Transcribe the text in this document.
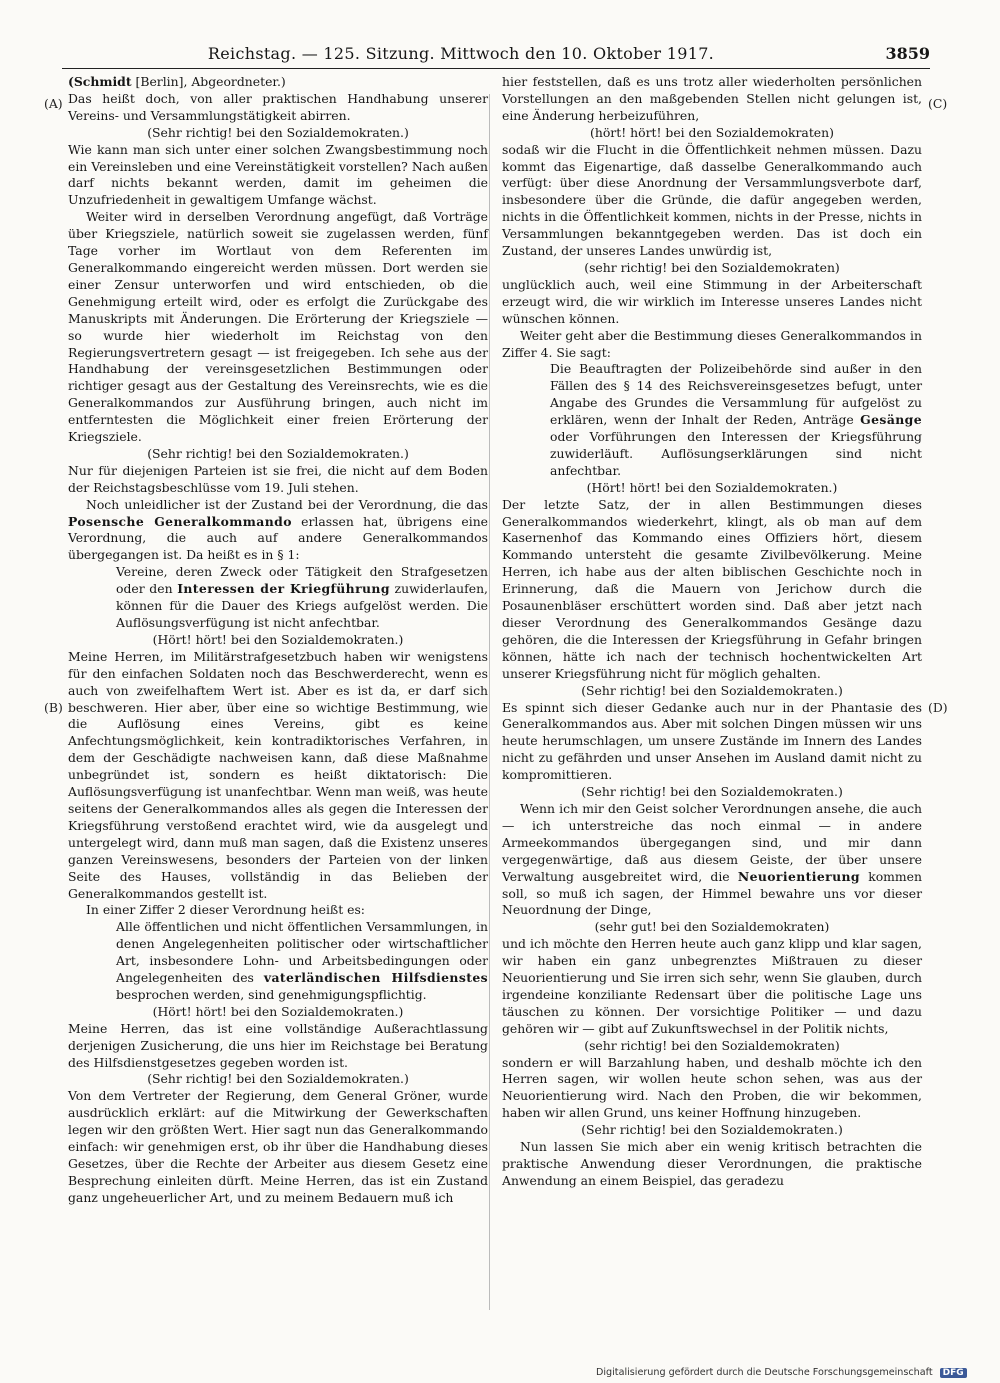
Reichstag. — 125. Sitzung. Mittwoch den 10. Oktober 1917.	3859
(A)
(B)
(C)
(D)

(Schmidt [Berlin], Abgeordneter.)

Das heißt doch, von aller praktischen Handhabung unserer Vereins- und Versammlungstätigkeit abirren.

(Sehr richtig! bei den Sozialdemokraten.)

Wie kann man sich unter einer solchen Zwangsbestimmung noch ein Vereinsleben und eine Vereinstätigkeit vorstellen? Nach außen darf nichts bekannt werden, damit im geheimen die Unzufriedenheit in gewaltigem Umfange wächst.

Weiter wird in derselben Verordnung angefügt, daß Vorträge über Kriegsziele, natürlich soweit sie zugelassen werden, fünf Tage vorher im Wortlaut von dem Referenten im Generalkommando eingereicht werden müssen. Dort werden sie einer Zensur unterworfen und wird entschieden, ob die Genehmigung erteilt wird, oder es erfolgt die Zurückgabe des Manuskripts mit Änderungen. Die Erörterung der Kriegsziele — so wurde hier wiederholt im Reichstag von den Regierungsvertretern gesagt — ist freigegeben. Ich sehe aus der Handhabung der vereinsgesetzlichen Bestimmungen oder richtiger gesagt aus der Gestaltung des Vereinsrechts, wie es die Generalkommandos zur Ausführung bringen, auch nicht im entferntesten die Möglichkeit einer freien Erörterung der Kriegsziele.

(Sehr richtig! bei den Sozialdemokraten.)

Nur für diejenigen Parteien ist sie frei, die nicht auf dem Boden der Reichstagsbeschlüsse vom 19. Juli stehen.

Noch unleidlicher ist der Zustand bei der Verordnung, die das Posensche Generalkommando erlassen hat, übrigens eine Verordnung, die auch auf andere Generalkommandos übergegangen ist. Da heißt es in § 1:

Vereine, deren Zweck oder Tätigkeit den Strafgesetzen oder den Interessen der Kriegführung zuwiderlaufen, können für die Dauer des Kriegs aufgelöst werden. Die Auflösungsverfügung ist nicht anfechtbar.

(Hört! hört! bei den Sozialdemokraten.)

Meine Herren, im Militärstrafgesetzbuch haben wir wenigstens für den einfachen Soldaten noch das Beschwerderecht, wenn es auch von zweifelhaftem Wert ist. Aber es ist da, er darf sich beschweren. Hier aber, über eine so wichtige Bestimmung, wie die Auflösung eines Vereins, gibt es keine Anfechtungsmöglichkeit, kein kontradiktorisches Verfahren, in dem der Geschädigte nachweisen kann, daß diese Maßnahme unbegründet ist, sondern es heißt diktatorisch: Die Auflösungsverfügung ist unanfechtbar. Wenn man weiß, was heute seitens der Generalkommandos alles als gegen die Interessen der Kriegsführung verstoßend erachtet wird, wie da ausgelegt und untergelegt wird, dann muß man sagen, daß die Existenz unseres ganzen Vereinswesens, besonders der Parteien von der linken Seite des Hauses, vollständig in das Belieben der Generalkommandos gestellt ist.

In einer Ziffer 2 dieser Verordnung heißt es:

Alle öffentlichen und nicht öffentlichen Versammlungen, in denen Angelegenheiten politischer oder wirtschaftlicher Art, insbesondere Lohn- und Arbeitsbedingungen oder Angelegenheiten des vaterländischen Hilfsdienstes besprochen werden, sind genehmigungspflichtig.

(Hört! hört! bei den Sozialdemokraten.)

Meine Herren, das ist eine vollständige Außerachtlassung derjenigen Zusicherung, die uns hier im Reichstage bei Beratung des Hilfsdienstgesetzes gegeben worden ist.

(Sehr richtig! bei den Sozialdemokraten.)

Von dem Vertreter der Regierung, dem General Gröner, wurde ausdrücklich erklärt: auf die Mitwirkung der Gewerkschaften legen wir den größten Wert. Hier sagt nun das Generalkommando einfach: wir genehmigen erst, ob ihr über die Handhabung dieses Gesetzes, über die Rechte der Arbeiter aus diesem Gesetz eine Besprechung einleiten dürft. Meine Herren, das ist ein Zustand ganz ungeheuerlicher Art, und zu meinem Bedauern muß ich

hier feststellen, daß es uns trotz aller wiederholten persönlichen Vorstellungen an den maßgebenden Stellen nicht gelungen ist, eine Änderung herbeizuführen,

(hört! hört! bei den Sozialdemokraten)

sodaß wir die Flucht in die Öffentlichkeit nehmen müssen. Dazu kommt das Eigenartige, daß dasselbe Generalkommando auch verfügt: über diese Anordnung der Versammlungsverbote darf, insbesondere über die Gründe, die dafür angegeben werden, nichts in die Öffentlichkeit kommen, nichts in der Presse, nichts in Versammlungen bekanntgegeben werden. Das ist doch ein Zustand, der unseres Landes unwürdig ist,

(sehr richtig! bei den Sozialdemokraten)

unglücklich auch, weil eine Stimmung in der Arbeiterschaft erzeugt wird, die wir wirklich im Interesse unseres Landes nicht wünschen können.

Weiter geht aber die Bestimmung dieses Generalkommandos in Ziffer 4. Sie sagt:

Die Beauftragten der Polizeibehörde sind außer in den Fällen des § 14 des Reichsvereinsgesetzes befugt, unter Angabe des Grundes die Versammlung für aufgelöst zu erklären, wenn der Inhalt der Reden, Anträge Gesänge oder Vorführungen den Interessen der Kriegsführung zuwiderläuft. Auflösungserklärungen sind nicht anfechtbar.

(Hört! hört! bei den Sozialdemokraten.)

Der letzte Satz, der in allen Bestimmungen dieses Generalkommandos wiederkehrt, klingt, als ob man auf dem Kasernenhof das Kommando eines Offiziers hört, diesem Kommando untersteht die gesamte Zivilbevölkerung. Meine Herren, ich habe aus der alten biblischen Geschichte noch in Erinnerung, daß die Mauern von Jerichow durch die Posaunenbläser erschüttert worden sind. Daß aber jetzt nach dieser Verordnung des Generalkommandos Gesänge dazu gehören, die die Interessen der Kriegsführung in Gefahr bringen können, hätte ich nach der technisch hochentwickelten Art unserer Kriegsführung nicht für möglich gehalten.

(Sehr richtig! bei den Sozialdemokraten.)

Es spinnt sich dieser Gedanke auch nur in der Phantasie des Generalkommandos aus. Aber mit solchen Dingen müssen wir uns heute herumschlagen, um unsere Zustände im Innern des Landes nicht zu gefährden und unser Ansehen im Ausland damit nicht zu kompromittieren.

(Sehr richtig! bei den Sozialdemokraten.)

Wenn ich mir den Geist solcher Verordnungen ansehe, die auch — ich unterstreiche das noch einmal — in andere Armeekommandos übergegangen sind, und mir dann vergegenwärtige, daß aus diesem Geiste, der über unsere Verwaltung ausgebreitet wird, die Neuorientierung kommen soll, so muß ich sagen, der Himmel bewahre uns vor dieser Neuordnung der Dinge,

(sehr gut! bei den Sozialdemokraten)

und ich möchte den Herren heute auch ganz klipp und klar sagen, wir haben ein ganz unbegrenztes Mißtrauen zu dieser Neuorientierung und Sie irren sich sehr, wenn Sie glauben, durch irgendeine konziliante Redensart über die politische Lage uns täuschen zu können. Der vorsichtige Politiker — und dazu gehören wir — gibt auf Zukunftswechsel in der Politik nichts,

(sehr richtig! bei den Sozialdemokraten)

sondern er will Barzahlung haben, und deshalb möchte ich den Herren sagen, wir wollen heute schon sehen, was aus der Neuorientierung wird. Nach den Proben, die wir bekommen, haben wir allen Grund, uns keiner Hoffnung hinzugeben.

(Sehr richtig! bei den Sozialdemokraten.)

Nun lassen Sie mich aber ein wenig kritisch betrachten die praktische Anwendung dieser Verordnungen, die praktische Anwendung an einem Beispiel, das geradezu

Digitalisierung gefördert durch die Deutsche Forschungsgemeinschaft DFG
